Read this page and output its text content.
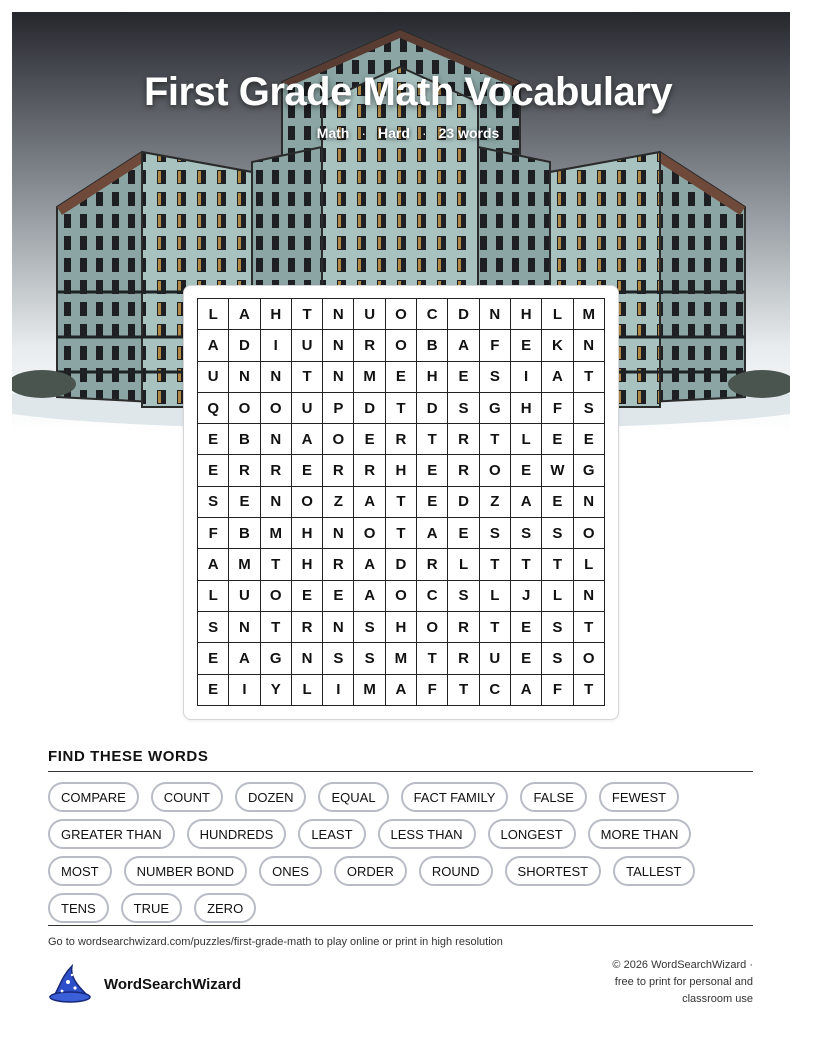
First Grade Math Vocabulary
Math · Hard · 23 words
L	A	H	T	N	U	O	C	D	N	H	L	M
A	D	I	U	N	R	O	B	A	F	E	K	N
U	N	N	T	N	M	E	H	E	S	I	A	T
Q	O	O	U	P	D	T	D	S	G	H	F	S
E	B	N	A	O	E	R	T	R	T	L	E	E
E	R	R	E	R	R	H	E	R	O	E	W	G
S	E	N	O	Z	A	T	E	D	Z	A	E	N
F	B	M	H	N	O	T	A	E	S	S	S	O
A	M	T	H	R	A	D	R	L	T	T	T	L
L	U	O	E	E	A	O	C	S	L	J	L	N
S	N	T	R	N	S	H	O	R	T	E	S	T
E	A	G	N	S	S	M	T	R	U	E	S	O
E	I	Y	L	I	M	A	F	T	C	A	F	T
FIND THESE WORDS
COMPARE	COUNT	DOZEN	EQUAL	FACT FAMILY	FALSE	FEWEST
GREATER THAN	HUNDREDS	LEAST	LESS THAN	LONGEST	MORE THAN
MOST	NUMBER BOND	ONES	ORDER	ROUND	SHORTEST	TALLEST
TENS	TRUE	ZERO
Go to wordsearchwizard.com/puzzles/first-grade-math to play online or print in high resolution
WordSearchWizard
© 2026 WordSearchWizard ·
free to print for personal and
classroom use
